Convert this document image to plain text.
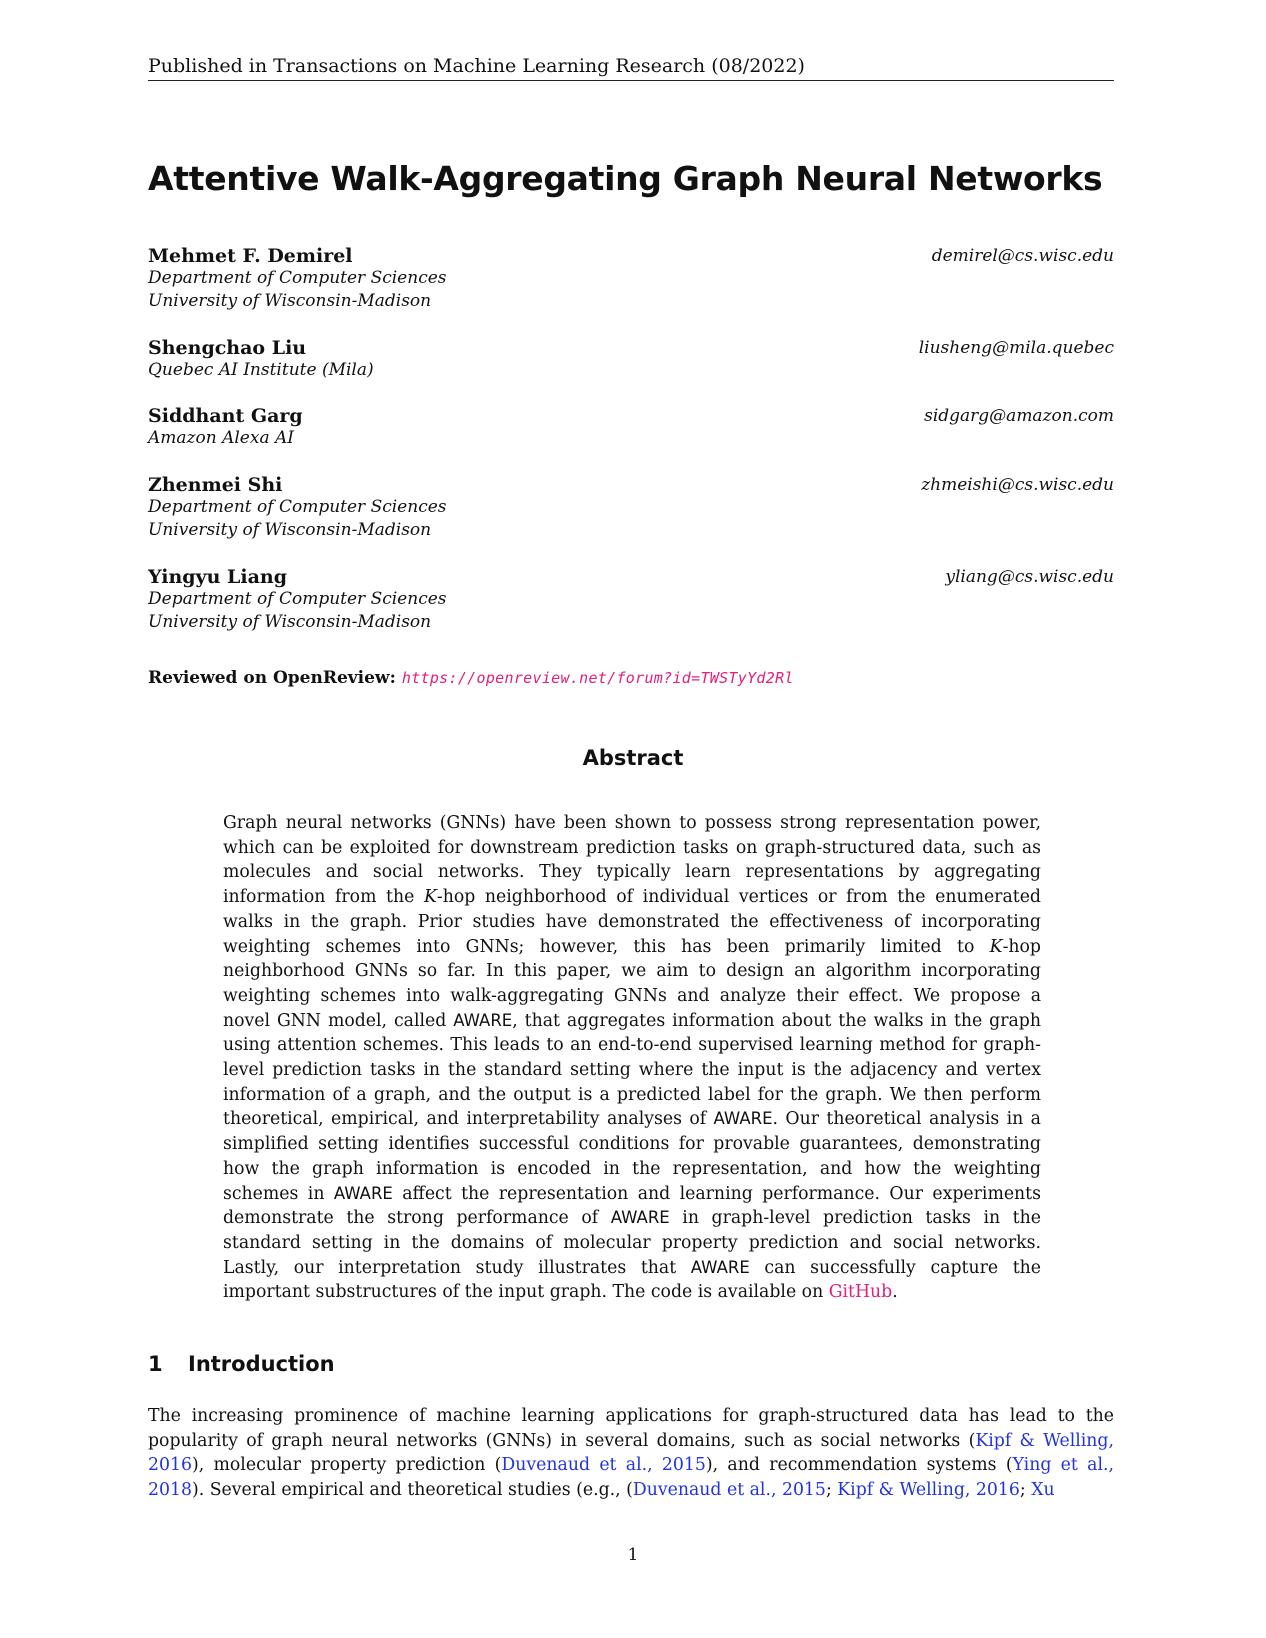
Published in Transactions on Machine Learning Research (08/2022)
Attentive Walk-Aggregating Graph Neural Networks
Mehmet F. Demirel	demirel@cs.wisc.edu
Department of Computer Sciences
University of Wisconsin-Madison
Shengchao Liu	liusheng@mila.quebec
Quebec AI Institute (Mila)
Siddhant Garg	sidgarg@amazon.com
Amazon Alexa AI
Zhenmei Shi	zhmeishi@cs.wisc.edu
Department of Computer Sciences
University of Wisconsin-Madison
Yingyu Liang	yliang@cs.wisc.edu
Department of Computer Sciences
University of Wisconsin-Madison
Reviewed on OpenReview: https://openreview.net/forum?id=TWSTyYd2Rl
Abstract

Graph neural networks (GNNs) have been shown to possess strong representation power, which can be exploited for downstream prediction tasks on graph-structured data, such as molecules and social networks. They typically learn representations by aggregating information from the K-hop neighborhood of individual vertices or from the enumerated walks in the graph. Prior studies have demonstrated the effectiveness of incorporating weighting schemes into GNNs; however, this has been primarily limited to K-hop neighborhood GNNs so far. In this paper, we aim to design an algorithm incorporating weighting schemes into walk-aggregating GNNs and analyze their effect. We propose a novel GNN model, called AWARE, that aggregates information about the walks in the graph using attention schemes. This leads to an end-to-end supervised learning method for graph-level prediction tasks in the standard setting where the input is the adjacency and vertex information of a graph, and the output is a predicted label for the graph. We then perform theoretical, empirical, and interpretability analyses of AWARE. Our theoretical analysis in a simplified setting identifies successful conditions for provable guarantees, demonstrating how the graph information is encoded in the representation, and how the weighting schemes in AWARE affect the representation and learning performance. Our experiments demonstrate the strong performance of AWARE in graph-level prediction tasks in the standard setting in the domains of molecular property prediction and social networks. Lastly, our interpretation study illustrates that AWARE can successfully capture the important substructures of the input graph. The code is available on GitHub.

1 Introduction

The increasing prominence of machine learning applications for graph-structured data has lead to the popularity of graph neural networks (GNNs) in several domains, such as social networks (Kipf & Welling, 2016), molecular property prediction (Duvenaud et al., 2015), and recommendation systems (Ying et al., 2018). Several empirical and theoretical studies (e.g., (Duvenaud et al., 2015; Kipf & Welling, 2016; Xu

1
